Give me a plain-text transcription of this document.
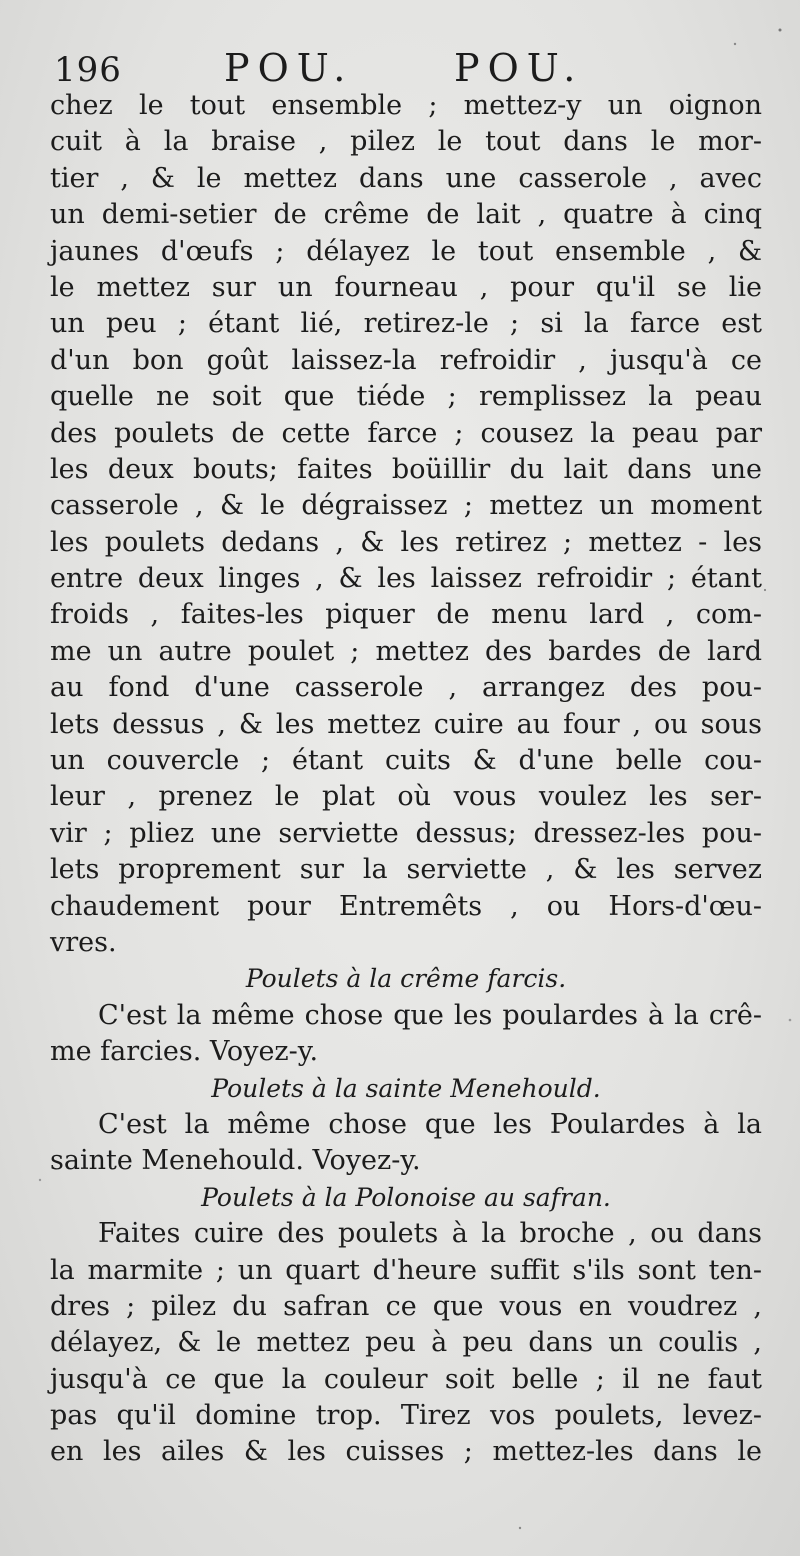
196	POU.	POU.
chez le tout ensemble ; mettez-y un oignon
cuit à la braise , pilez le tout dans le mor-
tier , & le mettez dans une casserole , avec
un demi-setier de crême de lait , quatre à cinq
jaunes d'œufs ; délayez le tout ensemble , &
le mettez sur un fourneau , pour qu'il se lie
un peu ; étant lié, retirez-le ; si la farce est
d'un bon goût laissez-la refroidir , jusqu'à ce
quelle ne soit que tiéde ; remplissez la peau
des poulets de cette farce ; cousez la peau par
les deux bouts; faites boüillir du lait dans une
casserole , & le dégraissez ; mettez un moment
les poulets dedans , & les retirez ; mettez - les
entre deux linges , & les laissez refroidir ; étant
froids , faites-les piquer de menu lard , com-
me un autre poulet ; mettez des bardes de lard
au fond d'une casserole , arrangez des pou-
lets dessus , & les mettez cuire au four , ou sous
un couvercle ; étant cuits & d'une belle cou-
leur , prenez le plat où vous voulez les ser-
vir ; pliez une serviette dessus; dressez-les pou-
lets proprement sur la serviette , & les servez
chaudement pour Entremêts , ou Hors-d'œu-
vres.
Poulets à la crême farcis.
C'est la même chose que les poulardes à la crê-
me farcies. Voyez-y.
Poulets à la sainte Menehould.
C'est la même chose que les Poulardes à la
sainte Menehould. Voyez-y.
Poulets à la Polonoise au safran.
Faites cuire des poulets à la broche , ou dans
la marmite ; un quart d'heure suffit s'ils sont ten-
dres ; pilez du safran ce que vous en voudrez ,
délayez, & le mettez peu à peu dans un coulis ,
jusqu'à ce que la couleur soit belle ; il ne faut
pas qu'il domine trop. Tirez vos poulets, levez-
en les ailes & les cuisses ; mettez-les dans le
